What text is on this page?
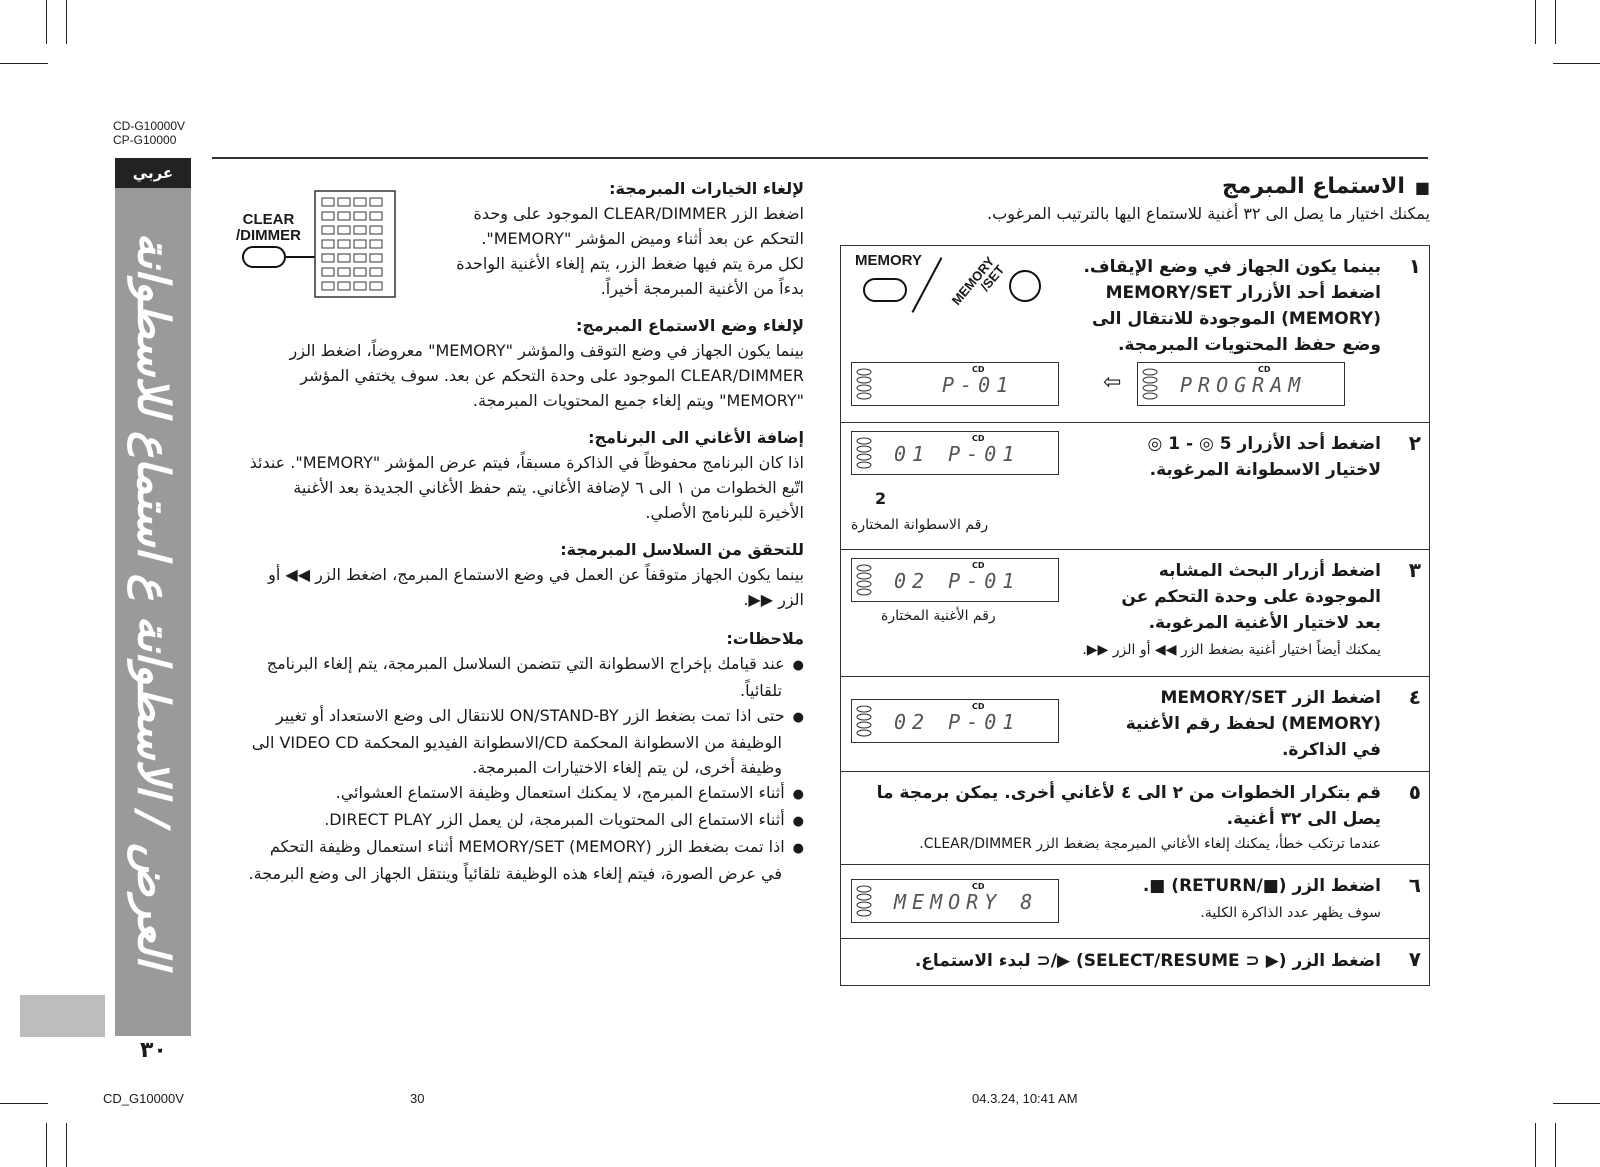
CD-G10000V
CP-G10000
عربي
العرض / الاسطوانة ع استماع للاسطوانة
٣٠
CD_G10000V	30	04.3.24, 10:41 AM
لإلغاء الخيارات المبرمجة:
اضغط الزر CLEAR/DIMMER الموجود على وحدة
التحكم عن بعد أثناء وميض المؤشر "MEMORY".
لكل مرة يتم فيها ضغط الزر، يتم إلغاء الأغنية الواحدة
بدءاً من الأغنية المبرمجة أخيراً.
لإلغاء وضع الاستماع المبرمج:
بينما يكون الجهاز في وضع التوقف والمؤشر "MEMORY" معروضاً، اضغط الزر
CLEAR/DIMMER الموجود على وحدة التحكم عن بعد. سوف يختفي المؤشر
"MEMORY" ويتم إلغاء جميع المحتويات المبرمجة.
إضافة الأغاني الى البرنامج:
اذا كان البرنامج محفوظاً في الذاكرة مسبقاً، فيتم عرض المؤشر "MEMORY". عندئذ
اتّبع الخطوات من ١ الى ٦ لإضافة الأغاني. يتم حفظ الأغاني الجديدة بعد الأغنية
الأخيرة للبرنامج الأصلي.
للتحقق من السلاسل المبرمجة:
بينما يكون الجهاز متوقفاً عن العمل في وضع الاستماع المبرمج، اضغط الزر ◀◀ أو
الزر ▶▶.
ملاحظات:
● عند قيامك بإخراج الاسطوانة التي تتضمن السلاسل المبرمجة، يتم إلغاء البرنامج
تلقائياً.
● حتى اذا تمت بضغط الزر ON/STAND-BY للانتقال الى وضع الاستعداد أو تغيير
الوظيفة من الاسطوانة المحكمة CD/الاسطوانة الفيديو المحكمة VIDEO CD الى
وظيفة أخرى، لن يتم إلغاء الاختيارات المبرمجة.
● أثناء الاستماع المبرمج، لا يمكنك استعمال وظيفة الاستماع العشوائي.
● أثناء الاستماع الى المحتويات المبرمجة، لن يعمل الزر DIRECT PLAY.
● اذا تمت بضغط الزر (MEMORY) MEMORY/SET أثناء استعمال وظيفة التحكم
في عرض الصورة، فيتم إلغاء هذه الوظيفة تلقائياً وينتقل الجهاز الى وضع البرمجة.
CLEAR
/DIMMER
■الاستماع المبرمج
يمكنك اختيار ما يصل الى ٣٢ أغنية للاستماع اليها بالترتيب المرغوب.
١
بينما يكون الجهاز في وضع الإيقاف.
اضغط أحد الأزرار MEMORY/SET
(MEMORY) الموجودة للانتقال الى
وضع حفظ المحتويات المبرمجة.
MEMORY MEMORY
/SET
CD
P-01	⇦
CD
PROGRAM
٢
اضغط أحد الأزرار 5 ◎ - 1 ◎
لاختيار الاسطوانة المرغوبة.
CD
01 P-01
2
رقم الاسطوانة المختارة
٣
اضغط أزرار البحث المشابه
الموجودة على وحدة التحكم عن
بعد لاختيار الأغنية المرغوبة.
CD
02 P-01
رقم الأغنية المختارة
يمكنك أيضاً اختيار أغنية بضغط الزر ◀◀ أو الزر ▶▶.
٤
اضغط الزر MEMORY/SET
(MEMORY) لحفظ رقم الأغنية
في الذاكرة.
CD
02 P-01
٥
قم بتكرار الخطوات من ٢ الى ٤ لأغاني أخرى. يمكن برمجة ما
يصل الى ٣٢ أغنية.
عندما ترتكب خطأ، يمكنك إلغاء الأغاني المبرمجة بضغط الزر CLEAR/DIMMER.
٦
اضغط الزر (■/RETURN) ■.
سوف يظهر عدد الذاكرة الكلية.
CD
MEMORY 8
٧
اضغط الزر (▶ ⊂ SELECT/RESUME) ▶/⊂ لبدء الاستماع.
